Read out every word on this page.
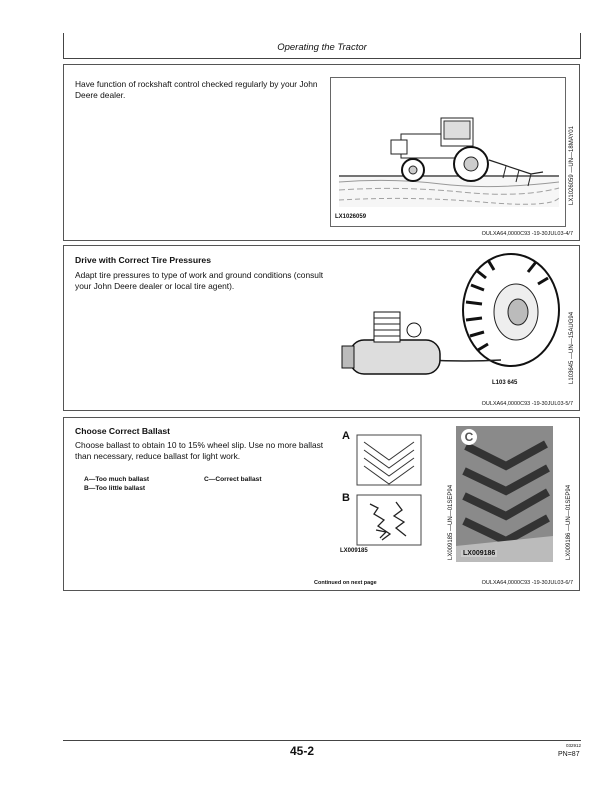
Operating the Tractor
Have function of rockshaft control checked regularly by your John Deere dealer.
LX1026059
LX1026059 —UN—18MAY01
OULXA64,0000C93 -19-30JUL03-4/7
Drive with Correct Tire Pressures
Adapt tire pressures to type of work and ground conditions (consult your John Deere dealer or local tire agent).
L103 645	L103645 —UN—15AUG94
OULXA64,0000C93 -19-30JUL03-5/7
Choose Correct Ballast
Choose ballast to obtain 10 to 15% wheel slip. Use no more ballast than necessary, reduce ballast for light work.
A—Too much ballast
B—Too little ballast
C—Correct ballast
A
B
LX009185	LX009185 —UN—01SEP94
C
LX009186	LX009186 —UN—01SEP94
Continued on next page	OULXA64,0000C93 -19-30JUL03-6/7
45-2	032912
PN=87
